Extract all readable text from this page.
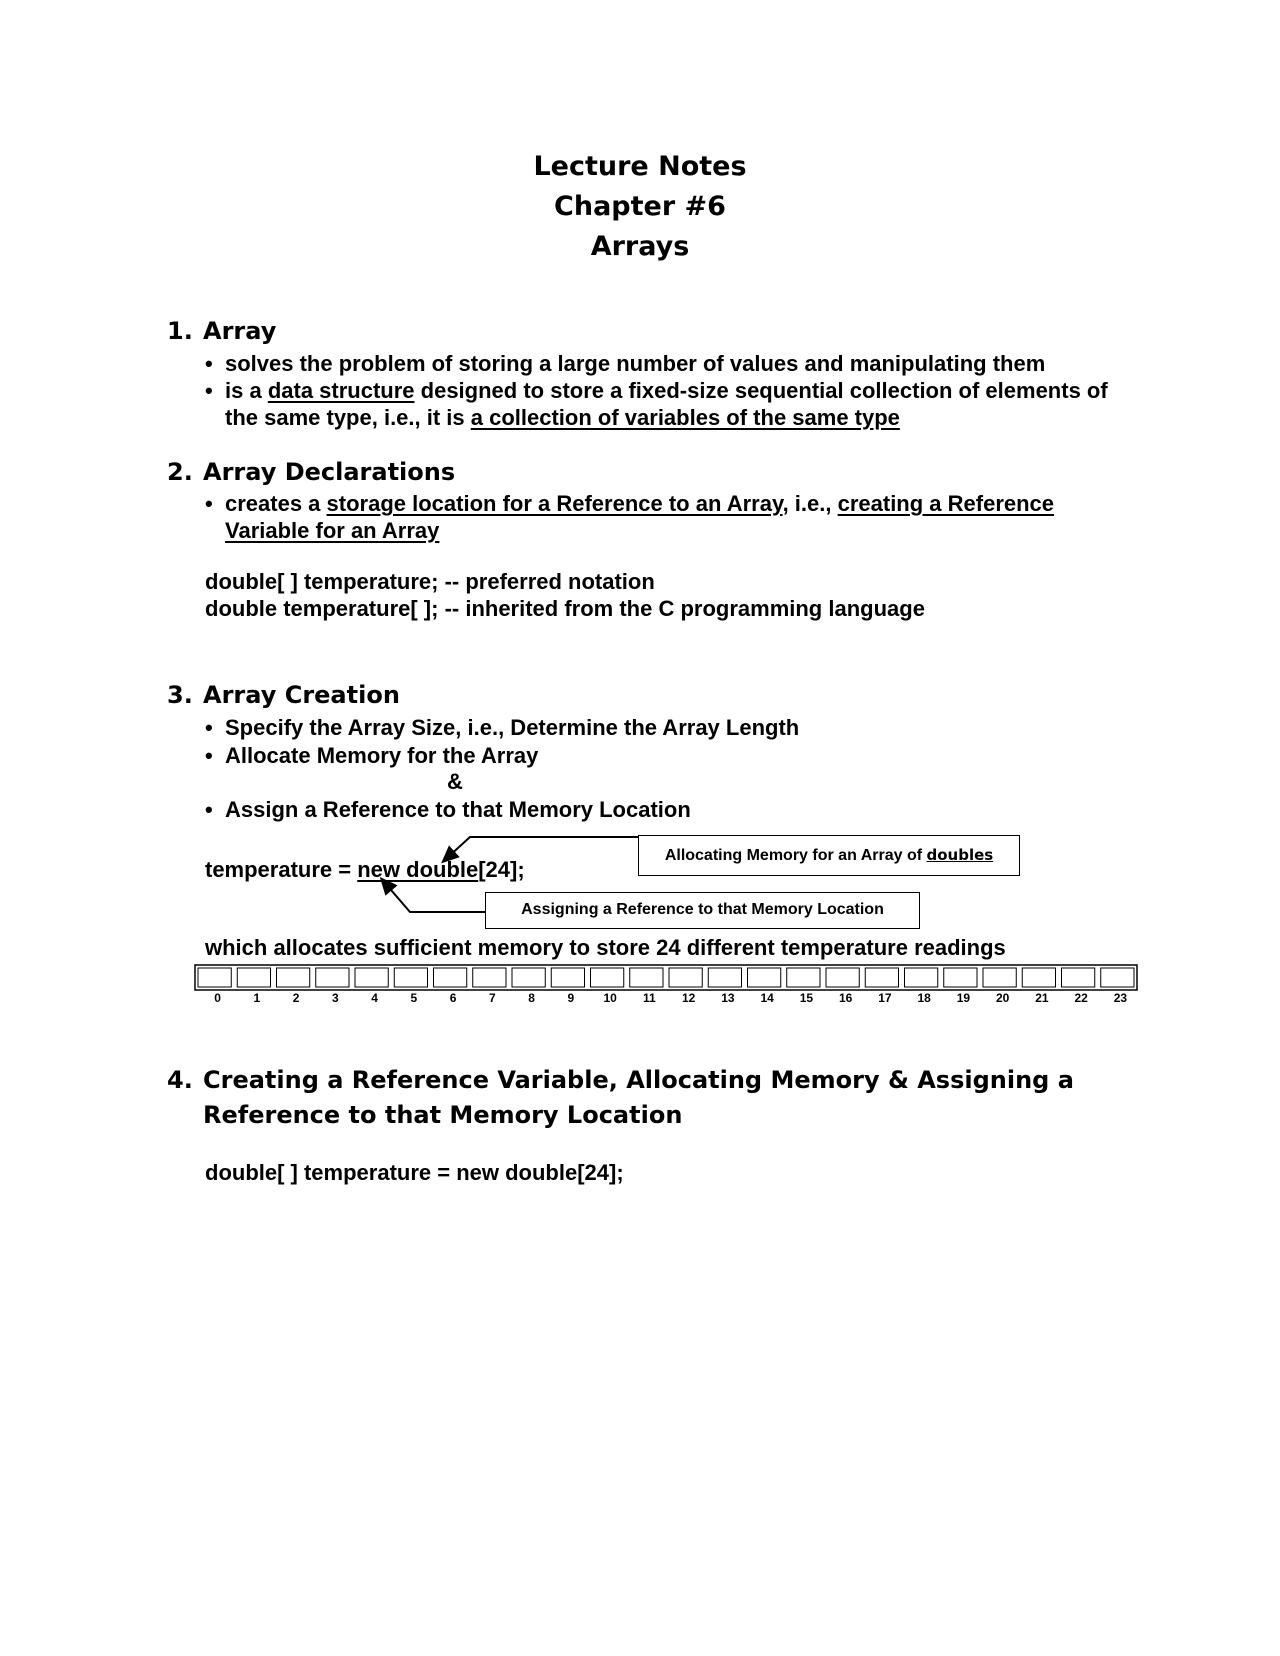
Lecture Notes
Chapter #6
Arrays
1. Array
• solves the problem of storing a large number of values and manipulating them
• is a data structure designed to store a fixed-size sequential collection of elements of
the same type, i.e., it is a collection of variables of the same type
2. Array Declarations
• creates a storage location for a Reference to an Array, i.e., creating a Reference
Variable for an Array
double[ ] temperature; -- preferred notation
double temperature[ ]; -- inherited from the C programming language
3. Array Creation
• Specify the Array Size, i.e., Determine the Array Length
• Allocate Memory for the Array
&
• Assign a Reference to that Memory Location
temperature = new double[24];
Allocating Memory for an Array of doubles
Assigning a Reference to that Memory Location
which allocates sufficient memory to store 24 different temperature readings
0	1	2	3	4	5	6	7	8	9	10	11	12	13	14	15	16	17	18	19	20	21	22	23
4. Creating a Reference Variable, Allocating Memory & Assigning a
Reference to that Memory Location
double[ ] temperature = new double[24];
